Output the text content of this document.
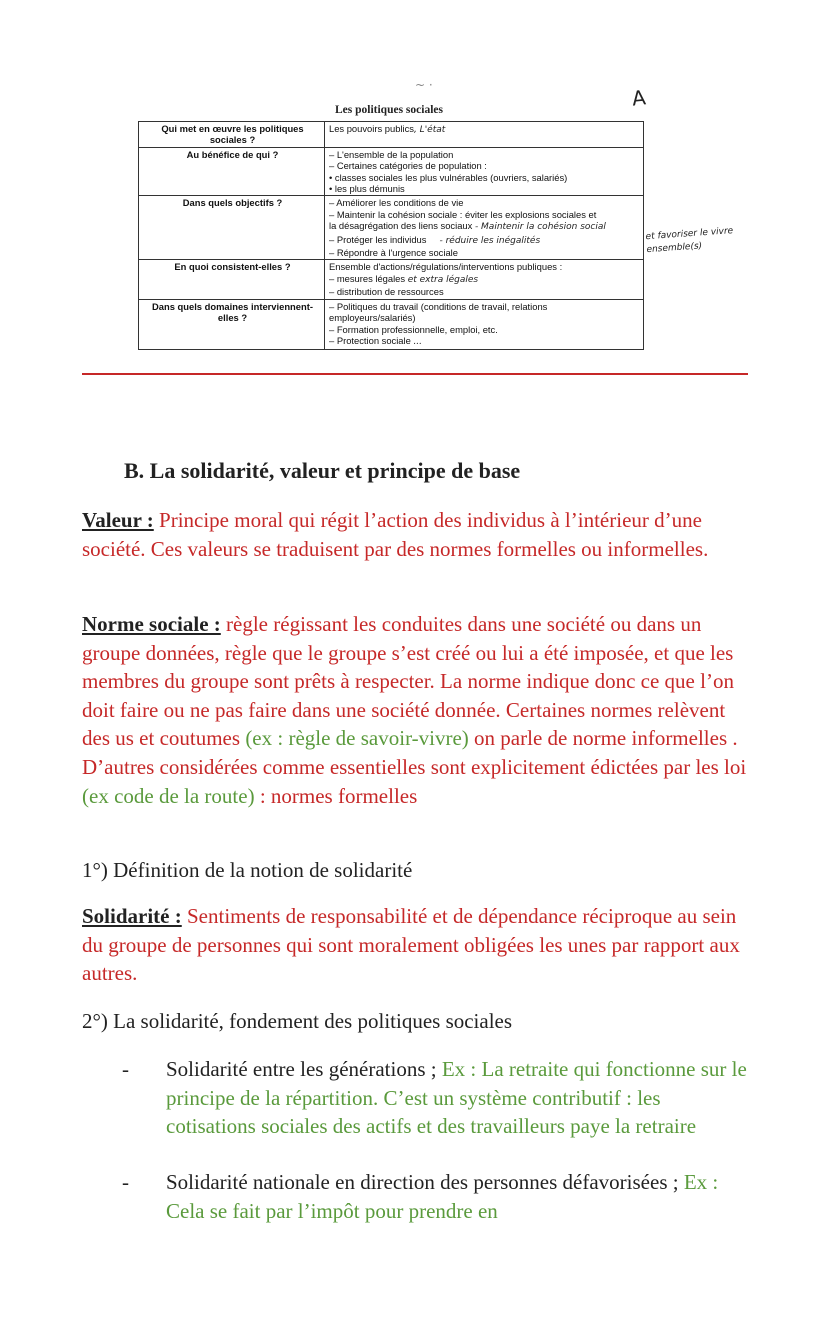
~ ·
Les politiques sociales	A
Qui met en œuvre les politiques sociales ?	Les pouvoirs publics, L'état
Au bénéfice de qui ?	– L'ensemble de la population
– Certaines catégories de population :
• classes sociales les plus vulnérables (ouvriers, salariés)
• les plus démunis

Dans quels objectifs ?	– Améliorer les conditions de vie
– Maintenir la cohésion sociale : éviter les explosions sociales et
la désagrégation des liens sociaux - Maintenir la cohésion social
– Protéger les individus - réduire les inégalités
– Répondre à l'urgence sociale

En quoi consistent-elles ?	Ensemble d'actions/régulations/interventions publiques :
– mesures légales et extra légales
– distribution de ressources

Dans quels domaines interviennent-elles ?	– Politiques du travail (conditions de travail, relations
employeurs/salariés)
– Formation professionnelle, emploi, etc.
– Protection sociale ...
et favoriser le vivre ensemble(s)
B. La solidarité, valeur et principe de base
Valeur : Principe moral qui régit l’action des individus à l’intérieur d’une société. Ces valeurs se traduisent par des normes formelles ou informelles.
Norme sociale : règle régissant les conduites dans une société ou dans un groupe données, règle que le groupe s’est créé ou lui a été imposée, et que les membres du groupe sont prêts à respecter. La norme indique donc ce que l’on doit faire ou ne pas faire dans une société donnée. Certaines normes relèvent des us et coutumes (ex : règle de savoir-vivre) on parle de norme informelles . D’autres considérées comme essentielles sont explicitement édictées par les loi (ex code de la route) : normes formelles
1°) Définition de la notion de solidarité
Solidarité : Sentiments de responsabilité et de dépendance réciproque au sein du groupe de personnes qui sont moralement obligées les unes par rapport aux autres.
2°) La solidarité, fondement des politiques sociales
- Solidarité entre les générations ; Ex : La retraite qui fonctionne sur le principe de la répartition. C’est un système contributif : les cotisations sociales des actifs et des travailleurs paye la retraire
- Solidarité nationale en direction des personnes défavorisées ; Ex : Cela se fait par l’impôt pour prendre en
